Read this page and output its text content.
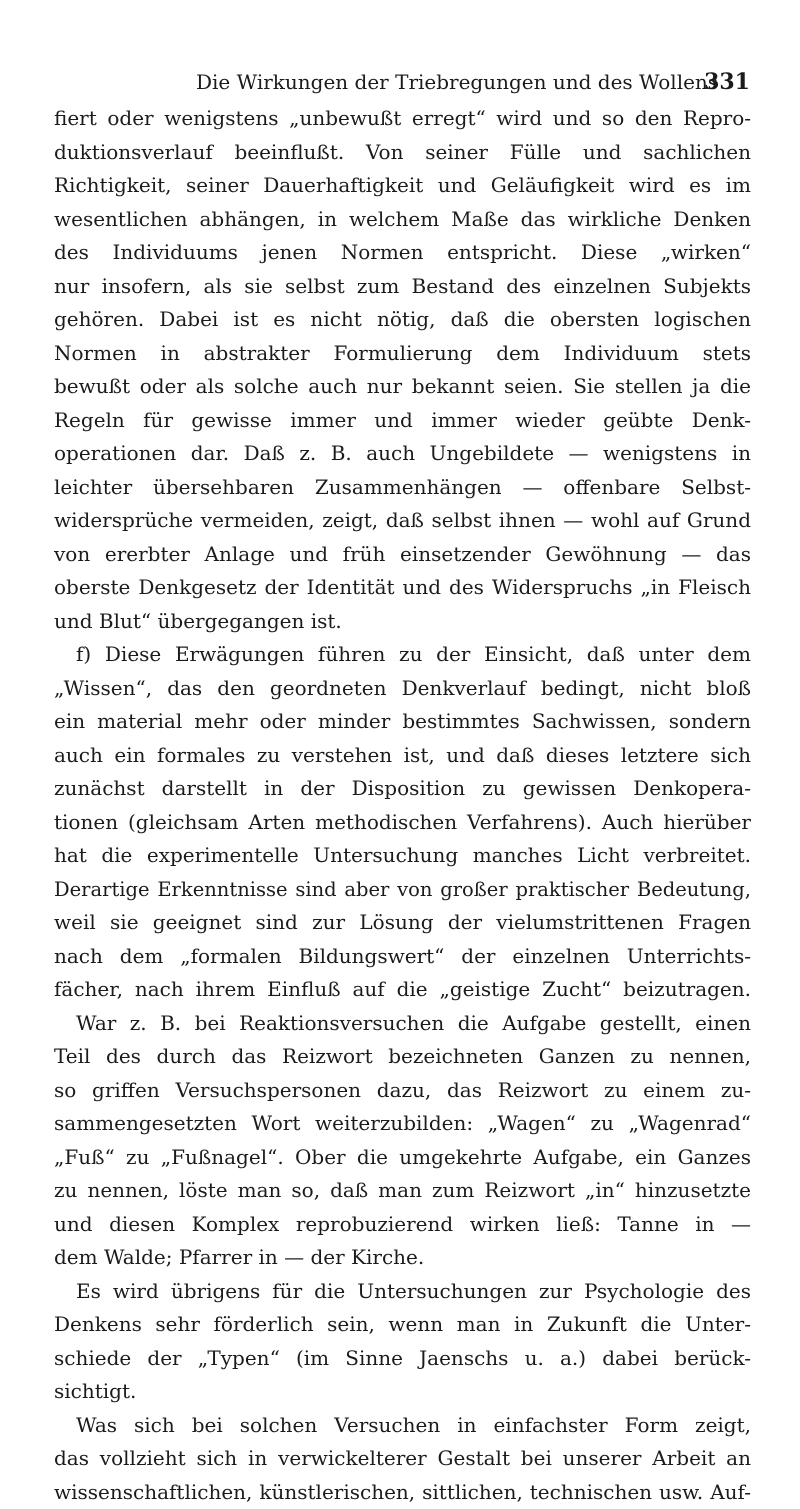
Die Wirkungen der Triebregungen und des Wollens
331
fiert oder wenigstens „unbewußt erregt“ wird und so den Repro-
duktionsverlauf beeinflußt. Von seiner Fülle und sachlichen
Richtigkeit, seiner Dauerhaftigkeit und Geläufigkeit wird es im
wesentlichen abhängen, in welchem Maße das wirkliche Denken
des Individuums jenen Normen entspricht. Diese „wirken“
nur insofern, als sie selbst zum Bestand des einzelnen Subjekts
gehören. Dabei ist es nicht nötig, daß die obersten logischen
Normen in abstrakter Formulierung dem Individuum stets
bewußt oder als solche auch nur bekannt seien. Sie stellen ja die
Regeln für gewisse immer und immer wieder geübte Denk-
operationen dar. Daß z. B. auch Ungebildete — wenigstens in
leichter übersehbaren Zusammenhängen — offenbare Selbst-
widersprüche vermeiden, zeigt, daß selbst ihnen — wohl auf Grund
von ererbter Anlage und früh einsetzender Gewöhnung — das
oberste Denkgesetz der Identität und des Widerspruchs „in Fleisch
und Blut“ übergegangen ist.
f) Diese Erwägungen führen zu der Einsicht, daß unter dem
„Wissen“, das den geordneten Denkverlauf bedingt, nicht bloß
ein material mehr oder minder bestimmtes Sachwissen, sondern
auch ein formales zu verstehen ist, und daß dieses letztere sich
zunächst darstellt in der Disposition zu gewissen Denkopera-
tionen (gleichsam Arten methodischen Verfahrens). Auch hierüber
hat die experimentelle Untersuchung manches Licht verbreitet.
Derartige Erkenntnisse sind aber von großer praktischer Bedeutung,
weil sie geeignet sind zur Lösung der vielumstrittenen Fragen
nach dem „formalen Bildungswert“ der einzelnen Unterrichts-
fächer, nach ihrem Einfluß auf die „geistige Zucht“ beizutragen.
War z. B. bei Reaktionsversuchen die Aufgabe gestellt, einen
Teil des durch das Reizwort bezeichneten Ganzen zu nennen,
so griffen Versuchspersonen dazu, das Reizwort zu einem zu-
sammengesetzten Wort weiterzubilden: „Wagen“ zu „Wagenrad“
„Fuß“ zu „Fußnagel“. Ober die umgekehrte Aufgabe, ein Ganzes
zu nennen, löste man so, daß man zum Reizwort „in“ hinzusetzte
und diesen Komplex reprobuzierend wirken ließ: Tanne in —
dem Walde; Pfarrer in — der Kirche.
Es wird übrigens für die Untersuchungen zur Psychologie des
Denkens sehr förderlich sein, wenn man in Zukunft die Unter-
schiede der „Typen“ (im Sinne Jaenschs u. a.) dabei berück-
sichtigt.
Was sich bei solchen Versuchen in einfachster Form zeigt,
das vollzieht sich in verwickelterer Gestalt bei unserer Arbeit an
wissenschaftlichen, künstlerischen, sittlichen, technischen usw. Auf-
